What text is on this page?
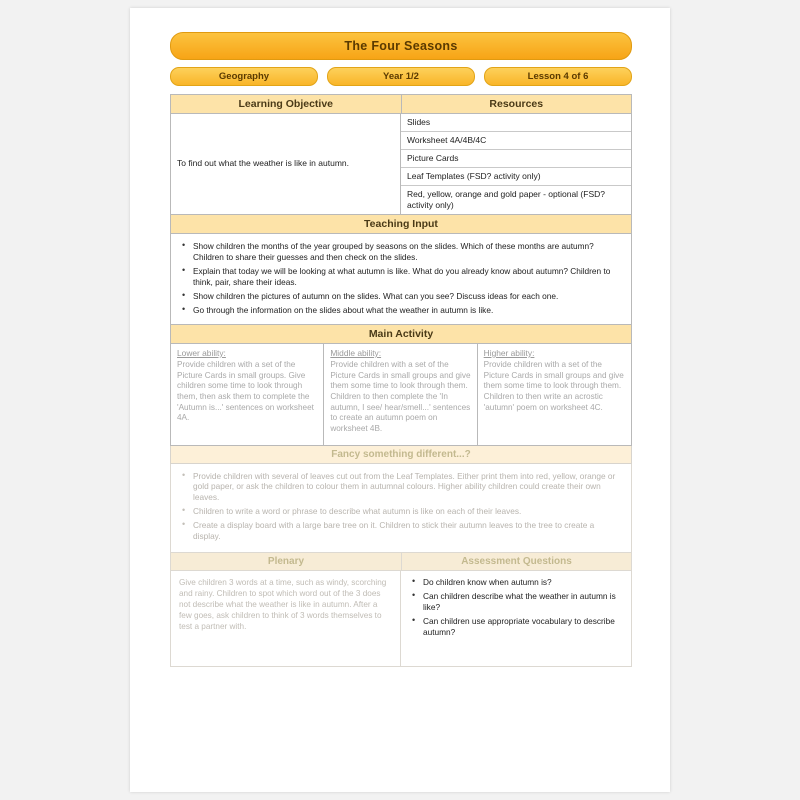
The Four Seasons
Geography	Year 1/2	Lesson 4 of 6
Learning Objective	Resources
To find out what the weather is like in autumn.
Slides
Worksheet 4A/4B/4C
Picture Cards
Leaf Templates (FSD? activity only)
Red, yellow, orange and gold paper - optional (FSD? activity only)
Teaching Input
• Show children the months of the year grouped by seasons on the slides. Which of these months are autumn? Children to share their guesses and then check on the slides.
• Explain that today we will be looking at what autumn is like. What do you already know about autumn? Children to think, pair, share their ideas.
• Show children the pictures of autumn on the slides. What can you see? Discuss ideas for each one.
• Go through the information on the slides about what the weather in autumn is like.
Main Activity
Lower ability:
Provide children with a set of the Picture Cards in small groups. Give children some time to look through them, then ask them to complete the 'Autumn is...' sentences on worksheet 4A.
Middle ability:
Provide children with a set of the Picture Cards in small groups and give them some time to look through them. Children to then complete the 'In autumn, I see/ hear/smell...' sentences to create an autumn poem on worksheet 4B.
Higher ability:
Provide children with a set of the Picture Cards in small groups and give them some time to look through them. Children to then write an acrostic 'autumn' poem on worksheet 4C.
Fancy something different...?
• Provide children with several of leaves cut out from the Leaf Templates. Either print them into red, yellow, orange or gold paper, or ask the children to colour them in autumnal colours. Higher ability children could create their own leaves.
• Children to write a word or phrase to describe what autumn is like on each of their leaves.
• Create a display board with a large bare tree on it. Children to stick their autumn leaves to the tree to create a display.
Plenary	Assessment Questions
Give children 3 words at a time, such as windy, scorching and rainy. Children to spot which word out of the 3 does not describe what the weather is like in autumn. After a few goes, ask children to think of 3 words themselves to test a partner with.
• Do children know when autumn is?
• Can children describe what the weather in autumn is like?
• Can children use appropriate vocabulary to describe autumn?
